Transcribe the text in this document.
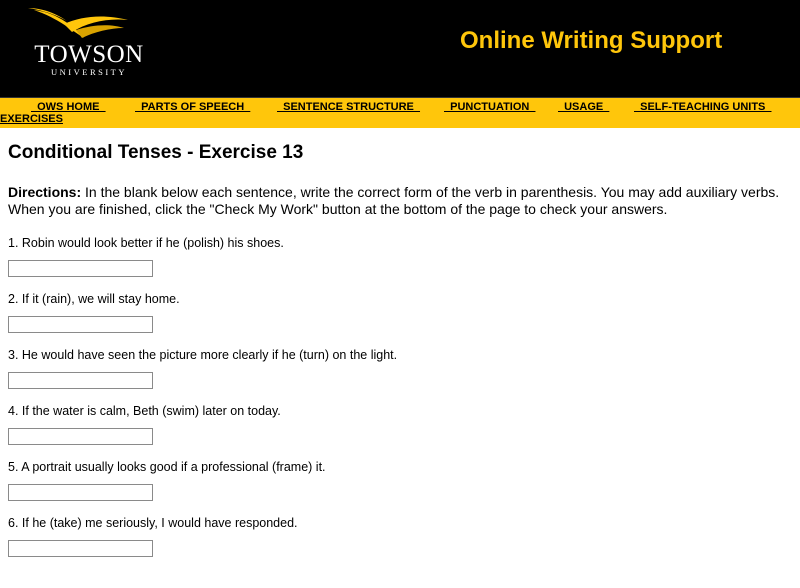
TOWSON
UNIVERSITY
Online Writing Support
OWS HOME	PARTS OF SPEECH SENTENCE STRUCTURE PUNCTUATION USAGE SELF-TEACHING UNITS
EXERCISES
Conditional Tenses - Exercise 13

Directions: In the blank below each sentence, write the correct form of the verb in parenthesis. You may add auxiliary verbs. When you are finished, click the "Check My Work" button at the bottom of the page to check your answers.

1. Robin would look better if he (polish) his shoes.

2. If it (rain), we will stay home.

3. He would have seen the picture more clearly if he (turn) on the light.

4. If the water is calm, Beth (swim) later on today.

5. A portrait usually looks good if a professional (frame) it.

6. If he (take) me seriously, I would have responded.
